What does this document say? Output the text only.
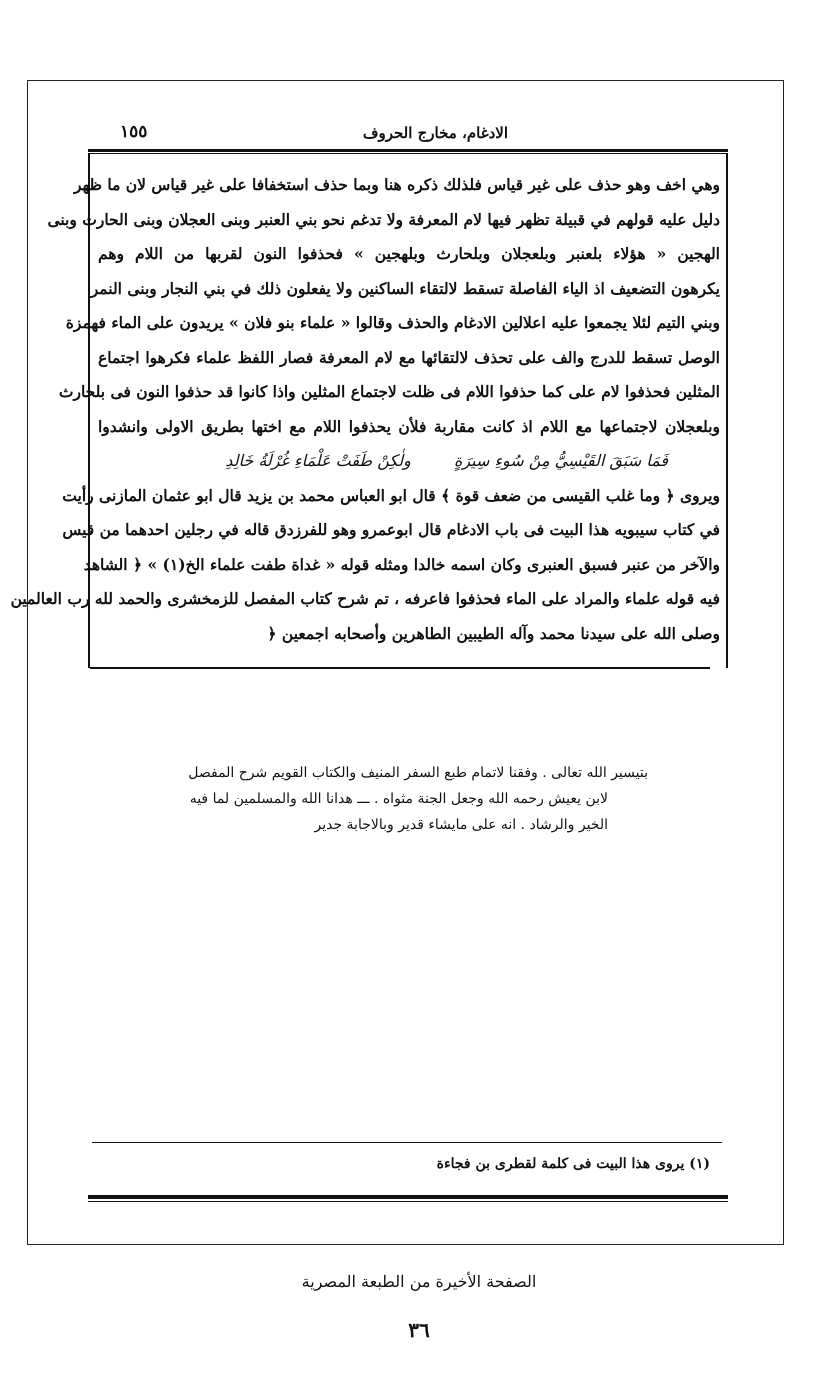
الادغام، مخارج الحروف
١٥٥
وهي اخف وهو حذف على غير قياس فلذلك ذكره هنا وبما حذف استخفافا على غير قياس لان ما ظهر
دليل عليه قولهم في قبيلة تظهر فيها لام المعرفة ولا تدغم نحو بني العنبر وبنى العجلان وبنى الحارث وبنى
الهجين « هؤلاء بلعنبر وبلعجلان وبلحارث وبلهجين » فحذفوا النون لقربها من اللام وهم
يكرهون التضعيف اذ الياء الفاصلة تسقط لالتقاء الساكنين ولا يفعلون ذلك في بني النجار وبنى النمر
وبني التيم لئلا يجمعوا عليه اعلالين الادغام والحذف وقالوا « علماء بنو فلان » يريدون على الماء فهمزة
الوصل تسقط للدرج والف على تحذف لالتقائها مع لام المعرفة فصار اللفظ علماء فكرهوا اجتماع
المثلين فحذفوا لام على كما حذفوا اللام فى ظلت لاجتماع المثلين واذا كانوا قد حذفوا النون فى بلحارث
وبلعجلان لاجتماعها مع اللام اذ كانت مقاربة فلأن يحذفوا اللام مع اختها بطريق الاولى وانشدوا
فَمَا سَبَقَ القَيْسِيُّ مِنْ سُوءِ سِيرَةٍ ولٰكِنْ طَفَتْ عَلْمَاءِ غُرْلَةُ خَالِدِ
ويروى ﴿ وما غلب القيسى من ضعف قوة ﴾ قال ابو العباس محمد بن يزيد قال ابو عثمان المازنى رأيت
في كتاب سيبويه هذا البيت فى باب الادغام قال ابوعمرو وهو للفرزدق قاله في رجلين احدهما من قيس
والآخر من عنبر فسبق العنبرى وكان اسمه خالدا ومثله قوله « غداة طفت علماء الخ(١) » ﴿ الشاهد
فيه قوله علماء والمراد على الماء فحذفوا فاعرفه ، تم شرح كتاب المفصل للزمخشرى والحمد لله رب العالمين
وصلى الله على سيدنا محمد وآله الطيبين الطاهرين وأصحابه اجمعين ﴿
بتيسير الله تعالى . وفقنا لاتمام طبع السفر المنيف والكتاب القويم شرح المفصل
لابن يعيش رحمه الله وجعل الجنة مثواه . ـــ هدانا الله والمسلمين لما فيه
الخير والرشاد . انه على مايشاء قدير وبالاجابة جدير
(١) يروى هذا البيت فى كلمة لقطرى بن فجاءة
الصفحة الأخيرة من الطبعة المصرية
٣٦
